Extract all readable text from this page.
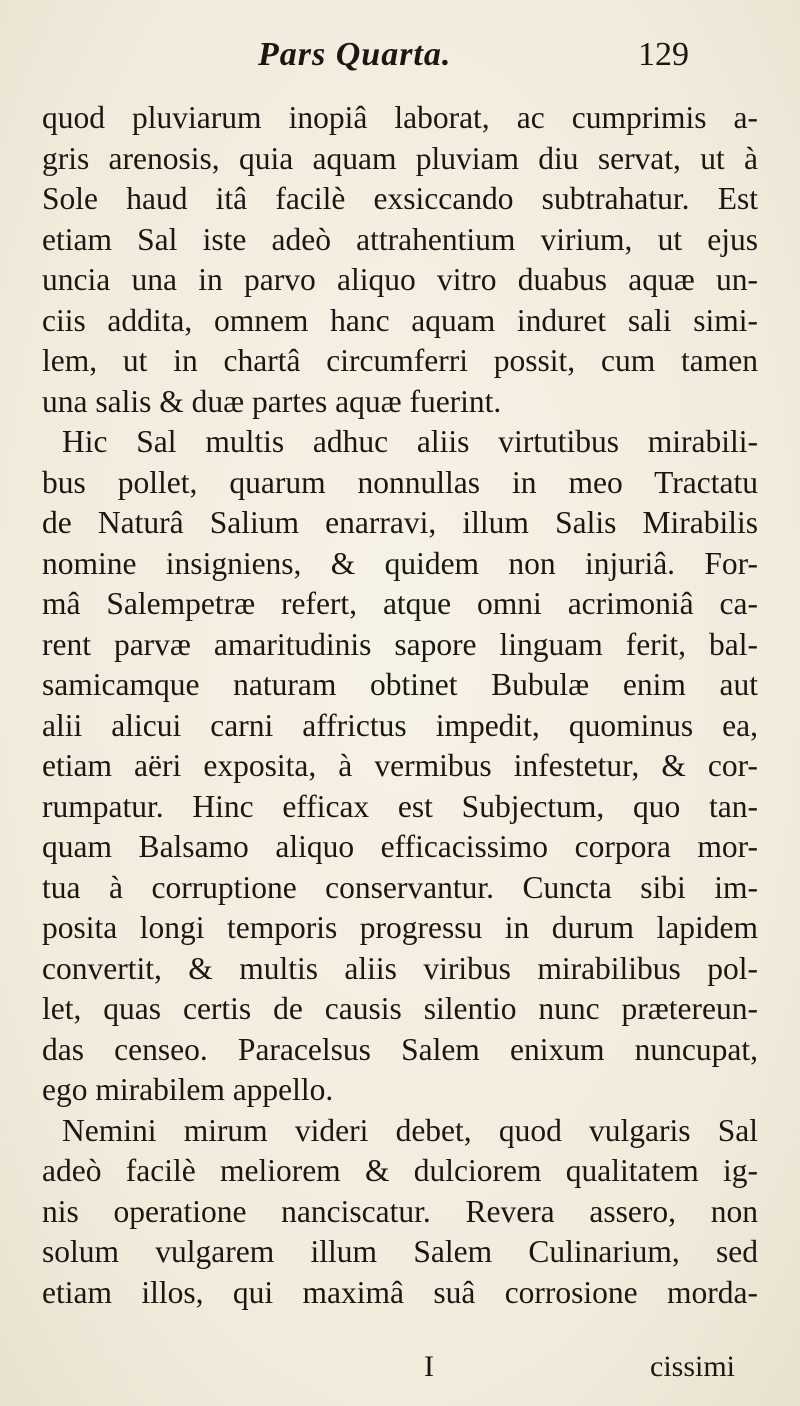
Pars Quarta.	129
quod pluviarum inopiâ laborat, ac cumprimis a-
gris arenosis, quia aquam pluviam diu servat, ut à
Sole haud itâ facilè exsiccando subtrahatur. Est
etiam Sal iste adeò attrahentium virium, ut ejus
uncia una in parvo aliquo vitro duabus aquæ un-
ciis addita, omnem hanc aquam induret sali simi-
lem, ut in chartâ circumferri possit, cum tamen
una salis & duæ partes aquæ fuerint.
Hic Sal multis adhuc aliis virtutibus mirabili-
bus pollet, quarum nonnullas in meo Tractatu
de Naturâ Salium enarravi, illum Salis Mirabilis
nomine insigniens, & quidem non injuriâ. For-
mâ Salempetræ refert, atque omni acrimoniâ ca-
rent parvæ amaritudinis sapore linguam ferit, bal-
samicamque naturam obtinet Bubulæ enim aut
alii alicui carni affrictus impedit, quominus ea,
etiam aëri exposita, à vermibus infestetur, & cor-
rumpatur. Hinc efficax est Subjectum, quo tan-
quam Balsamo aliquo efficacissimo corpora mor-
tua à corruptione conservantur. Cuncta sibi im-
posita longi temporis progressu in durum lapidem
convertit, & multis aliis viribus mirabilibus pol-
let, quas certis de causis silentio nunc prætereun-
das censeo. Paracelsus Salem enixum nuncupat,
ego mirabilem appello.
Nemini mirum videri debet, quod vulgaris Sal
adeò facilè meliorem & dulciorem qualitatem ig-
nis operatione nanciscatur. Revera assero, non
solum vulgarem illum Salem Culinarium, sed
etiam illos, qui maximâ suâ corrosione morda-
I	cissimi
